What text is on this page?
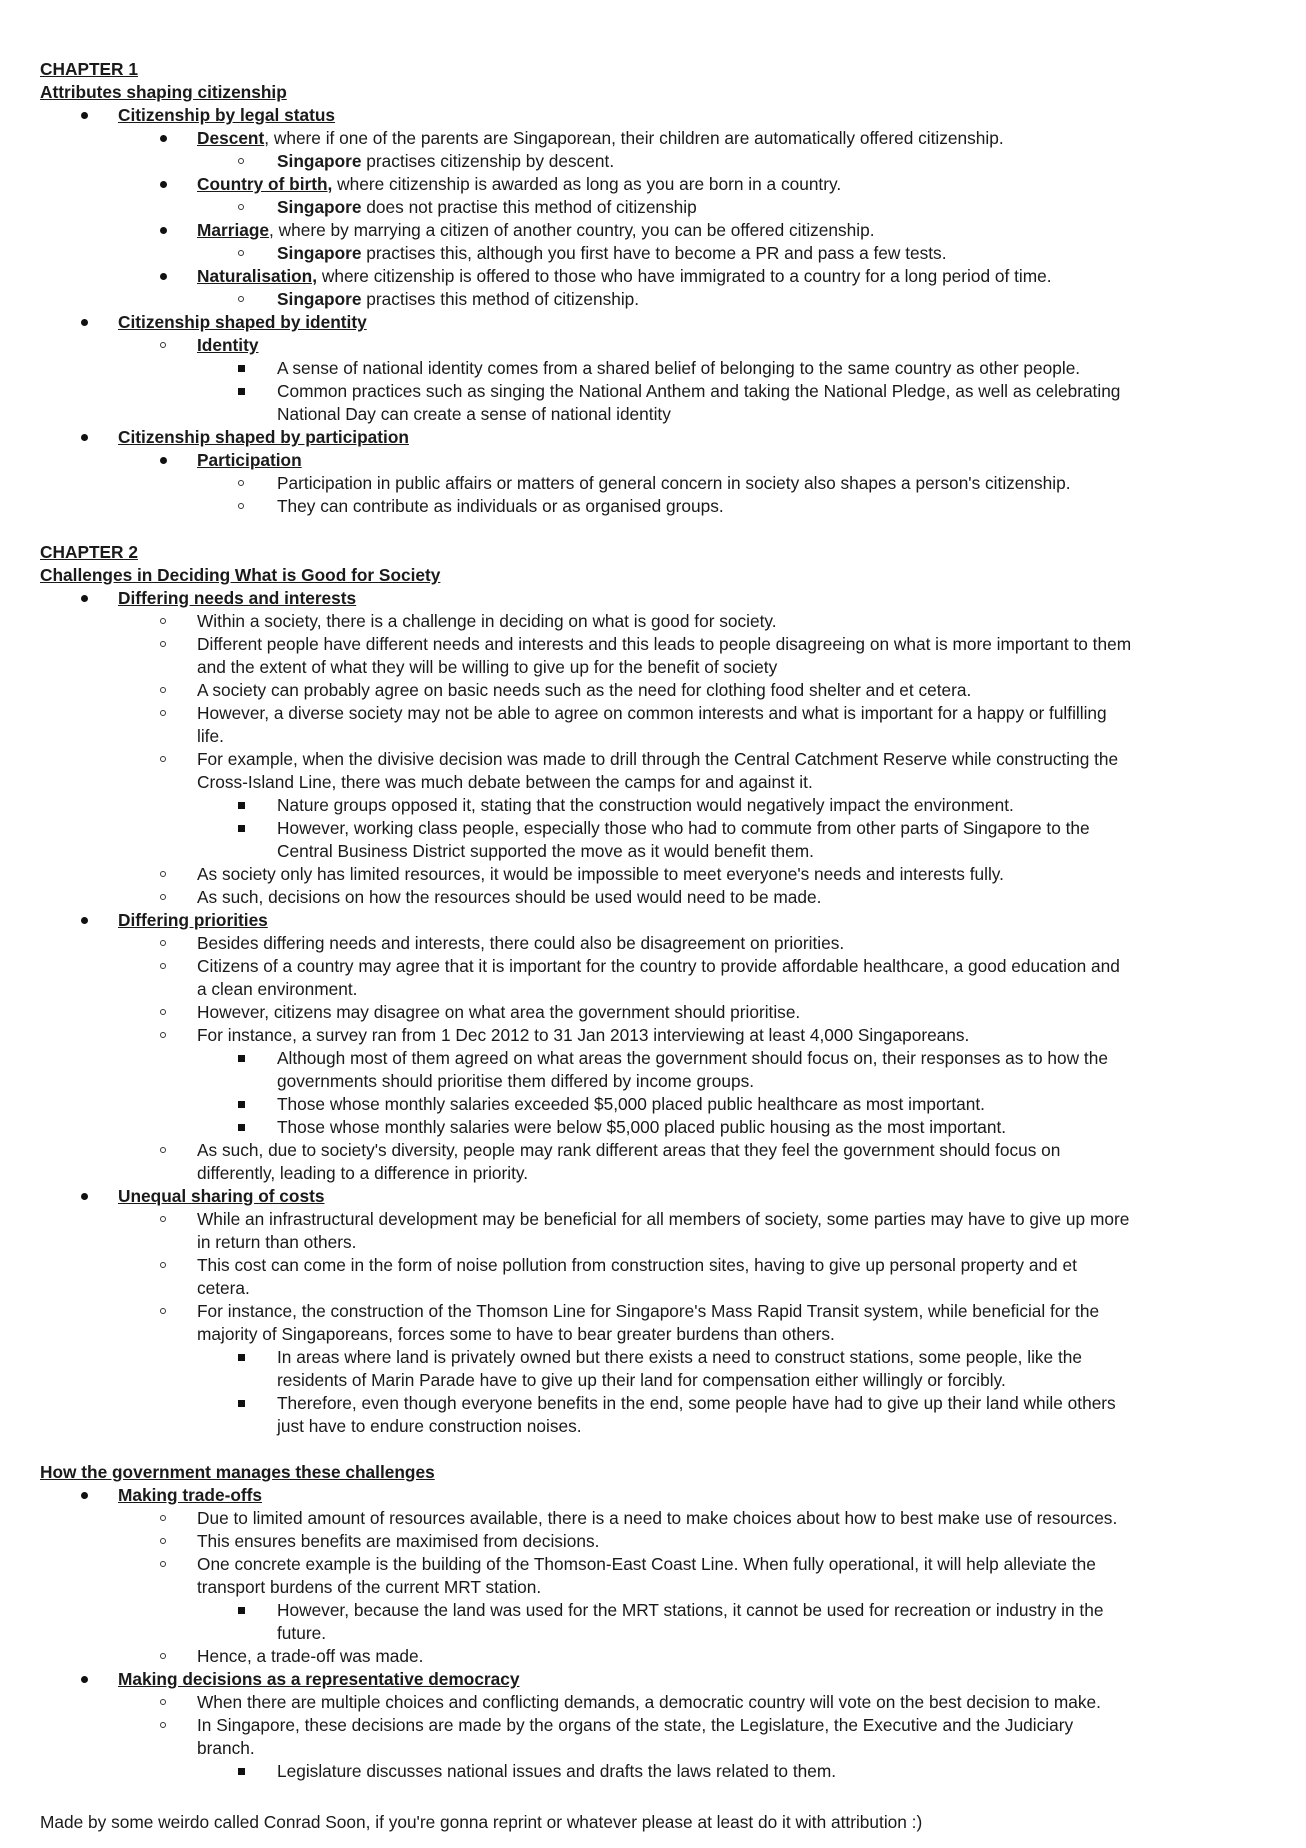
CHAPTER 1
Attributes shaping citizenship
Citizenship by legal status
Descent, where if one of the parents are Singaporean, their children are automatically offered citizenship.
Singapore practises citizenship by descent.
Country of birth, where citizenship is awarded as long as you are born in a country.
Singapore does not practise this method of citizenship
Marriage, where by marrying a citizen of another country, you can be offered citizenship.
Singapore practises this, although you first have to become a PR and pass a few tests.
Naturalisation, where citizenship is offered to those who have immigrated to a country for a long period of time.
Singapore practises this method of citizenship.
Citizenship shaped by identity
Identity
A sense of national identity comes from a shared belief of belonging to the same country as other people.
Common practices such as singing the National Anthem and taking the National Pledge, as well as celebrating
National Day can create a sense of national identity
Citizenship shaped by participation
Participation
Participation in public affairs or matters of general concern in society also shapes a person's citizenship.
They can contribute as individuals or as organised groups.
CHAPTER 2
Challenges in Deciding What is Good for Society
Differing needs and interests
Within a society, there is a challenge in deciding on what is good for society.
Different people have different needs and interests and this leads to people disagreeing on what is more important to them
and the extent of what they will be willing to give up for the benefit of society
A society can probably agree on basic needs such as the need for clothing food shelter and et cetera.
However, a diverse society may not be able to agree on common interests and what is important for a happy or fulfilling
life.
For example, when the divisive decision was made to drill through the Central Catchment Reserve while constructing the
Cross-Island Line, there was much debate between the camps for and against it.
Nature groups opposed it, stating that the construction would negatively impact the environment.
However, working class people, especially those who had to commute from other parts of Singapore to the
Central Business District supported the move as it would benefit them.
As society only has limited resources, it would be impossible to meet everyone's needs and interests fully.
As such, decisions on how the resources should be used would need to be made.
Differing priorities
Besides differing needs and interests, there could also be disagreement on priorities.
Citizens of a country may agree that it is important for the country to provide affordable healthcare, a good education and
a clean environment.
However, citizens may disagree on what area the government should prioritise.
For instance, a survey ran from 1 Dec 2012 to 31 Jan 2013 interviewing at least 4,000 Singaporeans.
Although most of them agreed on what areas the government should focus on, their responses as to how the
governments should prioritise them differed by income groups.
Those whose monthly salaries exceeded $5,000 placed public healthcare as most important.
Those whose monthly salaries were below $5,000 placed public housing as the most important.
As such, due to society's diversity, people may rank different areas that they feel the government should focus on
differently, leading to a difference in priority.
Unequal sharing of costs
While an infrastructural development may be beneficial for all members of society, some parties may have to give up more
in return than others.
This cost can come in the form of noise pollution from construction sites, having to give up personal property and et
cetera.
For instance, the construction of the Thomson Line for Singapore's Mass Rapid Transit system, while beneficial for the
majority of Singaporeans, forces some to have to bear greater burdens than others.
In areas where land is privately owned but there exists a need to construct stations, some people, like the
residents of Marin Parade have to give up their land for compensation either willingly or forcibly.
Therefore, even though everyone benefits in the end, some people have had to give up their land while others
just have to endure construction noises.
How the government manages these challenges
Making trade-offs
Due to limited amount of resources available, there is a need to make choices about how to best make use of resources.
This ensures benefits are maximised from decisions.
One concrete example is the building of the Thomson-East Coast Line. When fully operational, it will help alleviate the
transport burdens of the current MRT station.
However, because the land was used for the MRT stations, it cannot be used for recreation or industry in the
future.
Hence, a trade-off was made.
Making decisions as a representative democracy
When there are multiple choices and conflicting demands, a democratic country will vote on the best decision to make.
In Singapore, these decisions are made by the organs of the state, the Legislature, the Executive and the Judiciary
branch.
Legislature discusses national issues and drafts the laws related to them.
Made by some weirdo called Conrad Soon, if you're gonna reprint or whatever please at least do it with attribution :)
